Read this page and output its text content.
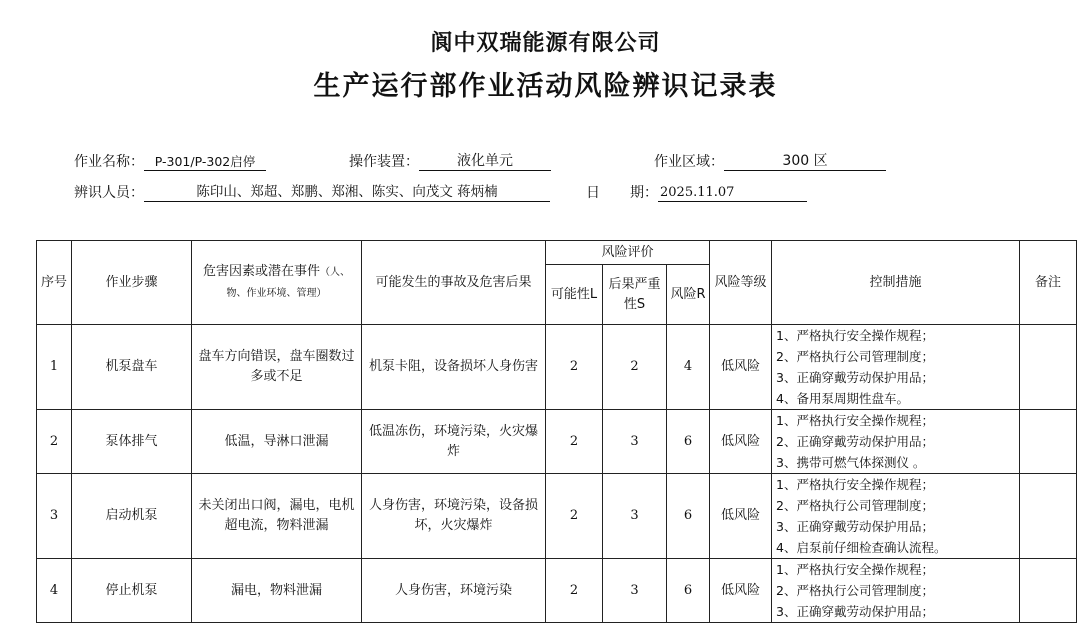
阆中双瑞能源有限公司
生产运行部作业活动风险辨识记录表
作业名称： P-301/P-302启停	操作装置：	液化单元	作业区域：	300 区
辨识人员：	陈印山、郑超、郑鹏、郑湘、陈实、向茂文 蒋炳楠	日 期： 2025.11.07
序号	作业步骤	危害因素或潜在事件（人、物、作业环境、管理）	可能发生的事故及危害后果	风险评价			风险等级	控制措施	备注
				可能性L	后果严重性S	风险R			
1	机泵盘车	盘车方向错误，盘车圈数过多或不足	机泵卡阻，设备损坏人身伤害	2	2	4	低风险	1、严格执行安全操作规程；
2、严格执行公司管理制度；
3、正确穿戴劳动保护用品；
4、备用泵周期性盘车。	

2	泵体排气	低温，导淋口泄漏	低温冻伤，环境污染，火灾爆炸	2	3	6	低风险	1、严格执行安全操作规程；
2、正确穿戴劳动保护用品；
3、携带可燃气体探测仪 。	

3	启动机泵	未关闭出口阀，漏电，电机超电流，物料泄漏	人身伤害，环境污染，设备损坏，火灾爆炸	2	3	6	低风险	1、严格执行安全操作规程；
2、严格执行公司管理制度；
3、正确穿戴劳动保护用品；
4、启泵前仔细检查确认流程。	

4	停止机泵	漏电，物料泄漏	人身伤害，环境污染	2	3	6	低风险	1、严格执行安全操作规程；
2、严格执行公司管理制度；
3、正确穿戴劳动保护用品；	
